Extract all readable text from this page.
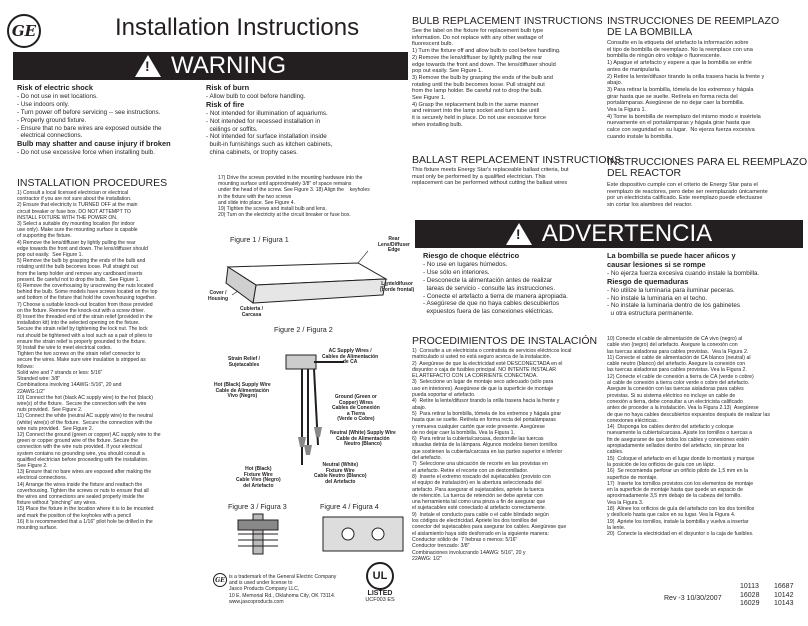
GE	Installation Instructions
! WARNING
Risk of electric shock
- Do not use in wet locations.
- Use indoors only.
- Turn power off before servicing -- see instructions.
- Properly ground fixture.
- Ensure that no bare wires are exposed outside the
electrical connections.
Bulb may shatter and cause injury if broken
- Do not use excessive force when installing bulb.
Risk of burn
- Allow bulb to cool before handling.
Risk of fire
- Not intended for illumination of aquariums.
- Not intended for recessed installation in
ceilings or soffits.
- Not intended for surface installation inside
built-in furnishings such as kitchen cabinets,
china cabinets, or trophy cases.
INSTALLATION PROCEDURES

1) Consult a local licensed electrician or electrical

contractor if you are not sure about the installation.

2) Ensure that electricity is TURNED OFF at the main

circuit breaker or fuse box. DO NOT ATTEMPT TO

INSTALL FIXTURE WITH THE POWER ON.

3) Select a suitable dry mounting location (for indoor

use only). Make sure the mounting surface is capable

of supporting the fixture.

4) Remove the lens/diffuser by lightly pulling the rear

edge towards the front and down. The lens/diffuser should

pop out easily.  See Figure 1.

5) Remove the bulb by grasping the ends of the bulb and

rotating until the bulb becomes loose. Pull straight out

from the lamp holder and remove any cardboard inserts

present. Be careful not to drop the bulb.  See Figure 1.

6) Remove the coverhousing by unscrewing the nuts located

behind the bulb. Some models have screws located on the top

and bottom of the fixture that hold the cover/housing together.

7) Choose a suitable knock-out location from those provided

on the fixture. Remove the knock-out with a screw driver.

8) Insert the threaded end of the strain relief (provided in the

installation kit) into the selected opening on the fixture.

Secure the strain relief by tightening the lock nut. The lock

nut should be tightened with a tool such as a pair of pliers to

ensure the strain relief is properly grounded to the fixture.

9) Install the wire to meet electrical codes.

Tighten the two screws on the strain relief connector to

secure the wires. Make sure wire insulation is stripped as

follows:

Solid wire and 7 strands or less: 5/16"

Stranded wire: 3/8"

Combinations involving 14AWG: 5/16", 20 and

22AWG:1/2"

10) Connect the hot (black AC supply wire) to the hot (black)

wire(s) of the fixture.  Secure the connection with the wire

nuts provided.  See Figure 2.

11) Connect the white (neutral AC supply wire) to the neutral

(white) wire(s) of the fixture.  Secure the connection with the

wire nuts provided.  See Figure 2.

12) Connect the ground (green or copper) AC supply wire to the

green or copper ground wire of the fixture. Secure the

connection with the wire nuts provided. If your electrical

system contains no grounding wire, you should consult a

qualified electrician before proceeding with the installation.

See Figure 2.

13) Ensure that no bare wires are exposed after making the

electrical connections.

14) Arrange the wires inside the fixture and reattach the

coverhousing. Tighten the screws or nuts to ensure that all

the wires and connections are sealed properly inside the

fixture without "pinching" any wires.

15) Place the fixture in the location where it is to be mounted

and mark the position of the keyholes with a pencil

16) It is recommended that a 1/16" pilot hole be drilled in the

mounting surface.

17) Drive the screws provided in the mounting hardware into the

mounting surface until approximately 3/8" of space remains

under the head of the screw. See Figure 3. 18) Align the    keyholes

in the fixture with the two screws

and slide into place. See Figure 4.

19) Tighten the screws and install bulb and lens.

20) Turn on the electricity at the circuit breaker or fuse box.

Figure 1 / Figura 1	Rear
Lens/Diffuser
Edge
Lente/difusor
(borde frontal)
Cover /
Housing
Cubierta /
Carcasa
Figure 2 / Figura 2
Strain Relief /
Sujetacables
AC Supply Wires /
Cables de Alimentación
de CA
Hot (Black) Supply Wire
Cable de Alimentación
Vivo (Negro)	Ground (Green or
Copper) Wires
Cables de Conexión
a Tierra
(Verde o Cobre)
Neutral (White) Supply Wire
Cable de Alimentación
Neutro (Blanco)
Hot (Black)
Fixture Wire
Cable Vivo (Negro)
del Artefacto
Neutral (White)
Fixture Wire
Cable Neutro (Blanco)
del Artefacto
Figure 3 / Figura 3	Figure 4 / Figura 4
GE is a trademark of the General Electric Company

and is used under license to

Jasco Products Company LLC,

10 E. Memorial Rd., Oklahoma City, OK 73114.

www.jascoproducts.com

UL
LISTED
UCF003 ES
BULB REPLACEMENT INSTRUCTIONS

See the label on the fixture for replacement bulb type

information. Do not replace with any other wattage of

fluorescent bulb.

1) Turn the fixture off and allow bulb to cool before handling.

2) Remove the lens/diffuser by lightly pulling the rear

edge towards the front and down. The lens/diffuser should

pop out easily. See Figure 1.

3) Remove the bulb by grasping the ends of the bulb and

rotating until the bulb becomes loose. Pull straight out

from the lamp holder. Be careful not to drop the bulb.

See Figure 1.

4) Grasp the replacement bulb in the same manner

and reinsert into the lamp socket and turn tube until

it is securely held in place. Do not use excessive force

when installing bulb.

BALLAST REPLACEMENT INSTRUCTIONS

This fixture meets Energy Star's replaceable ballast criteria, but

must only be performed by a qualified electrician. This

replacement can be performed without cutting the ballast wires

INSTRUCCIONES DE REEMPLAZO
DE LA BOMBILLA

Consulte en la etiqueta del artefacto la información sobre

el tipo de bombilla de reemplazo. No la reemplace con una

bombilla de ningún otro voltaje o fluorescente.

1) Apague el artefacto y espere a que la bombilla se enfríe

antes de manipularla.

2) Retire la lente/difusor tirando la orilla trasera hacia la frente y

abajo.

3) Para retirar la bombilla, tómela de los extremos y hágala

girar hasta que se suelte. Retírela en forma recta del

portalámparas. Asegúrese de no dejar caer la bombilla.

Vea la Figura 1.

4) Tome la bombilla de reemplazo del mismo modo e insértela

nuevamente en el portalámparas y hágala girar hasta que

calce con seguridad en su lugar.  No ejerza fuerza excesiva

cuando instale la bombilla.

INSTRUCCIONES PARA EL REEMPLAZO
DEL REACTOR

Este dispositivo cumple con el criterio de Energy Star para el

reemplazo de reactores, pero debe ser reemplazado únicamente

por un electricista calificado. Este reemplazo puede efectuarse

sin cortar los alambres del reactor.

! ADVERTENCIA
Riesgo de choque eléctrico
- No use en lugares húmedos.
- Use sólo en interiores.
- Desconecte la alimentación antes de realizar
tareas de servicio - consulte las instrucciones.
- Conecte el artefacto a tierra de manera apropiada.
- Asegúrese de que no haya cables descubiertos
expuestos fuera de las conexiones eléctricas.
La bombilla se puede hacer añicos y
causar lesiones si se rompe
- No ejerza fuerza excesiva cuando instale la bombilla.
Riesgo de quemaduras
- No utilize la luminaria para iluminar peceras.
- No instale la luminaria en el techo.
- No instale la luminaria dentro de los gabinetes
u otra estructura permanente.
PROCEDIMIENTOS DE INSTALACIÓN

1)  Consulte a un electricista o contratista de servicios eléctricos local

matriculado si usted no está seguro acerca de la instalación.

2)  Asegúrese de que la electricidad esté DESCONECTADA en el

disyuntor o caja de fusibles principal. NO INTENTE INSTALAR

EL ARTEFACTO CON LA CORRIENTE CONECTADA.

3)  Seleccione un lugar de montaje seco adecuado (sólo para

uso en interiores). Asegúrese de que la superficie de montaje

pueda soportar el artefacto.

4)  Retire la lente/difusor tirando la orilla trasera hacia la frente y

abajo.

5)  Para retirar la bombilla, tómela de los extremos y hágala girar

hasta que se suelte. Retírela en forma recta del portalámparas

y remueva cualquier cartón que este presente. Asegúrese

de no dejar caer la bombilla. Vea la Figura 1.

6)  Para retirar la cubierta/carcasa, destornille las tuercas

situadas detrás de la lámpara. Algunos modelos tienen tornillos

que sostienen la cubierta/carcasa en las partes superior e inferior

del artefacto.

7)  Seleccione una ubicación de recorte en las provistas en

el artefacto. Retire el recorte con un destornillador.

8)  Inserte el extremo roscado del sujetacables (provisto con

el equipo de instalación) en la abertura seleccionada del

artefacto. Para asegurar el sujetacables, apriete la tuerca

de retención. La tuerca de retención se debe apretar con

una herramienta tal como una pinza a fin de asegurar que

el sujetacables esté conectado al artefacto correctamente.

9)  Instale el conducto para cable o el cable blindado según

los códigos de electricidad. Apriete los dos tornillos del

conector del sujetacables para asegurar los cables. Asegúrese que

el aislamiento haya sido desforrado en la siguiente manera:

Conductor sólido de  7 hebras o menos: 5/16"

Conductor trenzado: 3/8"

Combinaciones involucrando 14AWG: 5/16", 20 y

22AWG: 1/2"

10) Conecte el cable de alimentación de CA vivo (negro) al

cable vivo (negro) del artefacto. Asegure la conexión con

las tuercas aisladoras para cables provistas.  Vea la Figura 2.

11) Conecte el cable de alimentación de CA blanco (neutral) al

cable neutro (blanco) del artefacto. Asegure la conexión con

las tuercas aisladoras para cables provistas. Vea la Figura 2.

12) Conecte el cable de conexión a tierra de CA (verde o cobre)

al cable de conexión a tierra color verde o cobre del artefacto.

Asegure la conexión con las tuercas aisladoras para cables

provistas. Si su sistema eléctrico no incluye un cable de

conexión a tierra, debe consultar a un electricista calificado

antes de proceder a la instalación. Vea la Figura 2.13)  Asegúrese

de que no haya cables descubiertos expuestos después de realizar las

conexiones eléctricas.

14)  Disponga los cables dentro del artefacto y coloque

nuevamente la cubierta/carcasa. Ajuste los tornillos o tuercas a

fin de asegurarse de que todos los cables y conexiones estén

apropiadamente sellados dentro del artefacto, sin pinzar los

cables.

15)  Coloque el artefacto en el lugar donde lo montará y marque

la posición de los orificios de guía con un lápiz.

16)  Se recomienda perforar un orificio piloto de 1,5 mm en la

superficie de montaje.

17)  Inserte los tornillos provistos con los elementos de montaje

en la superficie de montaje hasta que quede un espacio de

aproximadamente 3,5 mm debajo de la cabeza del tornillo.

Vea la Figura 3.

18)  Alinee los orificios de guía del artefacto con los dos tornillos

y deslícelo hasta que calce en su lugar. Vea la Figura 4.

19)  Apriete los tornillos, instale la bombilla y vuelva a insertar

la lente.

20)  Conecte la electricidad en el disyuntor o la caja de fusibles.

Rev -3 10/30/2007
10113	16687
16028	10142
16029	10143
